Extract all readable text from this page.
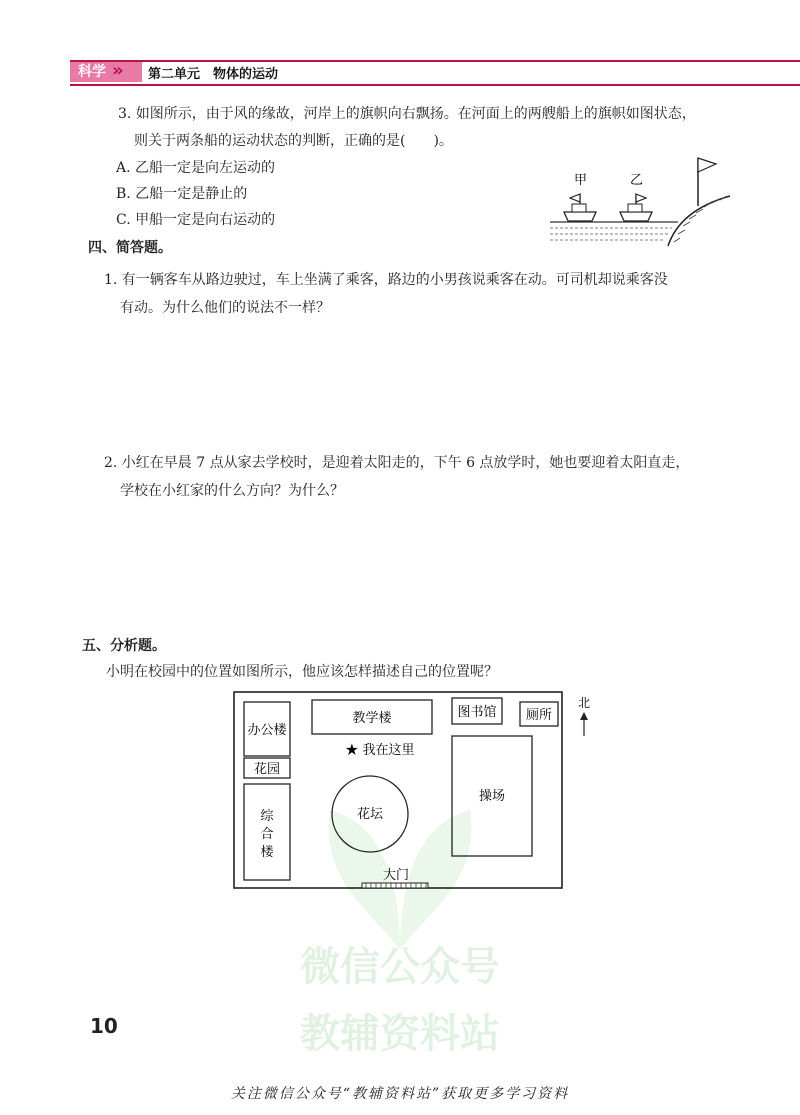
科学 » 第二单元　物体的运动
3. 如图所示，由于风的缘故，河岸上的旗帜向右飘扬。在河面上的两艘船上的旗帜如图状态，
则关于两条船的运动状态的判断，正确的是(　　)。
A. 乙船一定是向左运动的
B. 乙船一定是静止的
C. 甲船一定是向右运动的
甲	乙
四、简答题。
1. 有一辆客车从路边驶过，车上坐满了乘客，路边的小男孩说乘客在动。可司机却说乘客没
有动。为什么他们的说法不一样？
2. 小红在早晨 7 点从家去学校时，是迎着太阳走的，下午 6 点放学时，她也要迎着太阳直走，
学校在小红家的什么方向？为什么？
五、分析题。
小明在校园中的位置如图所示，他应该怎样描述自己的位置呢？
办公楼
教学楼	图书馆 厕所
★ 我在这里
花园
综
合
楼
花坛
操场
大门
北
微信公众号
教辅资料站
10
关注微信公众号“教辅资料站”获取更多学习资料
